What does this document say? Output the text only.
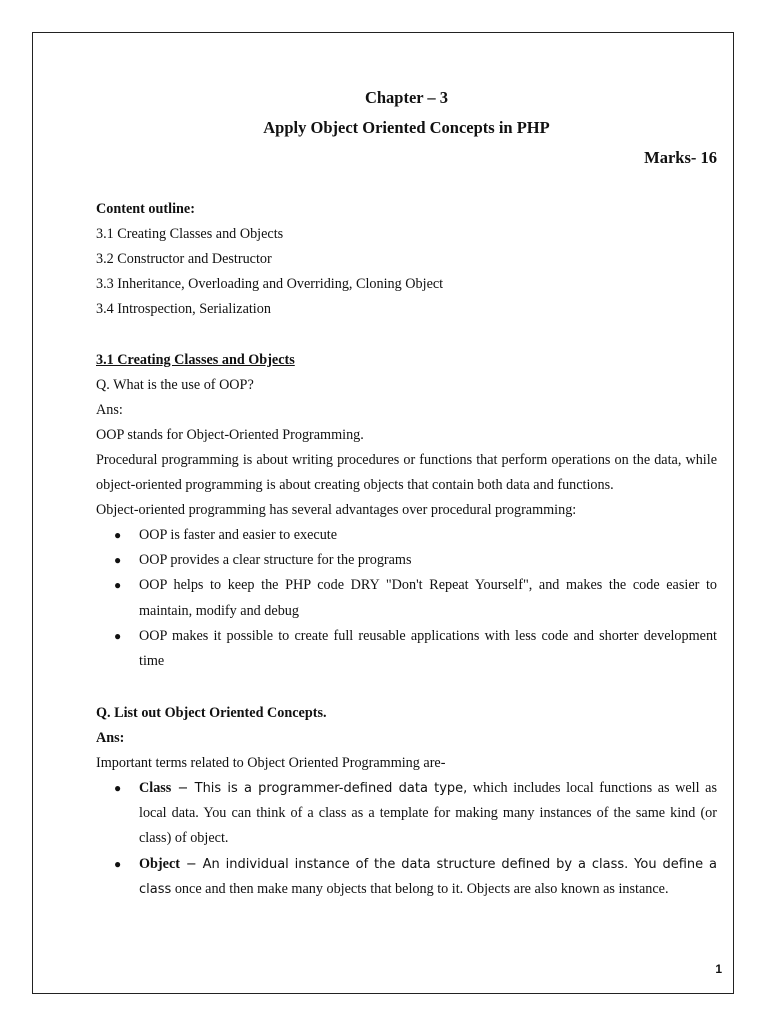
Chapter – 3
Apply Object Oriented Concepts in PHP
Marks- 16
Content outline:
3.1 Creating Classes and Objects
3.2 Constructor and Destructor
3.3 Inheritance, Overloading and Overriding, Cloning Object
3.4 Introspection, Serialization
3.1 Creating Classes and Objects
Q. What is the use of OOP?
Ans:
OOP stands for Object-Oriented Programming.
Procedural programming is about writing procedures or functions that perform operations on the data, while object-oriented programming is about creating objects that contain both data and functions.
Object-oriented programming has several advantages over procedural programming:
● OOP is faster and easier to execute
● OOP provides a clear structure for the programs
● OOP helps to keep the PHP code DRY "Don't Repeat Yourself", and makes the code easier to maintain, modify and debug
● OOP makes it possible to create full reusable applications with less code and shorter development time
Q. List out Object Oriented Concepts.
Ans:
Important terms related to Object Oriented Programming are-
● Class − This is a programmer-defined data type, which includes local functions as well as local data. You can think of a class as a template for making many instances of the same kind (or class) of object.
● Object − An individual instance of the data structure defined by a class. You define a class once and then make many objects that belong to it. Objects are also known as instance.
1
